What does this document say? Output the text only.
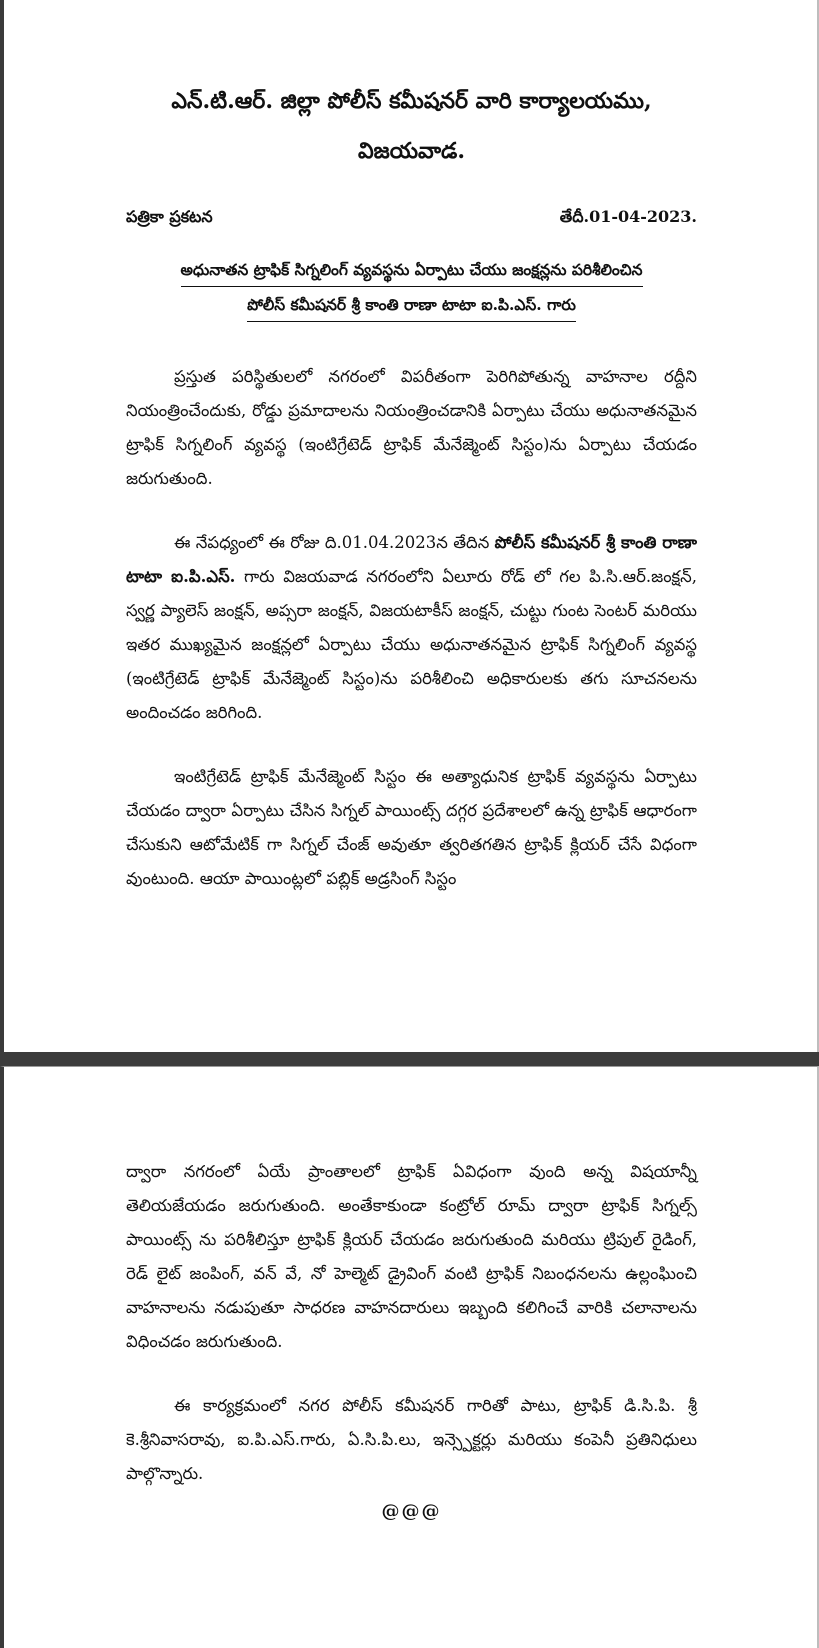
ఎన్.టి.ఆర్. జిల్లా పోలీస్ కమీషనర్ వారి కార్యాలయము,
విజయవాడ.
పత్రికా ప్రకటన	తేదీ.01-04-2023.
అధునాతన ట్రాఫిక్ సిగ్నలింగ్ వ్యవస్థను ఏర్పాటు చేయు జంక్షన్లను పరిశీలించిన
పోలీస్ కమీషనర్ శ్రీ కాంతి రాణా టాటా ఐ.పి.ఎస్. గారు

ప్రస్తుత పరిస్థితులలో నగరంలో విపరీతంగా పెరిగిపోతున్న వాహనాల రద్దీని నియంత్రించేందుకు, రోడ్డు ప్రమాదాలను నియంత్రించడానికి ఏర్పాటు చేయు అధునాతనమైన ట్రాఫిక్ సిగ్నలింగ్ వ్యవస్థ (ఇంటిగ్రేటెడ్ ట్రాఫిక్ మేనేజ్మెంట్ సిస్టం)ను ఏర్పాటు చేయడం జరుగుతుంది.

ఈ నేపధ్యంలో ఈ రోజు ది.01.04.2023న తేదిన పోలీస్ కమీషనర్ శ్రీ కాంతి రాణా టాటా ఐ.పి.ఎస్. గారు విజయవాడ నగరంలోని ఏలూరు రోడ్ లో గల పి.సి.ఆర్.జంక్షన్, స్వర్ణ ప్యాలెస్ జంక్షన్, అప్సరా జంక్షన్, విజయటాకీస్ జంక్షన్, చుట్టు గుంట సెంటర్ మరియు ఇతర ముఖ్యమైన జంక్షన్లలో ఏర్పాటు చేయు అధునాతనమైన ట్రాఫిక్ సిగ్నలింగ్ వ్యవస్థ (ఇంటిగ్రేటెడ్ ట్రాఫిక్ మేనేజ్మెంట్ సిస్టం)ను పరిశీలించి అధికారులకు తగు సూచనలను అందించడం జరిగింది.

ఇంటిగ్రేటెడ్ ట్రాఫిక్ మేనేజ్మెంట్ సిస్టం ఈ అత్యాధునిక ట్రాఫిక్ వ్యవస్థను ఏర్పాటు చేయడం ద్వారా ఏర్పాటు చేసిన సిగ్నల్ పాయింట్స్ దగ్గర ప్రదేశాలలో ఉన్న ట్రాఫిక్ ఆధారంగా చేసుకుని ఆటోమేటిక్ గా సిగ్నల్ చేంజ్ అవుతూ త్వరితగతిన ట్రాఫిక్ క్లియర్ చేసే విధంగా వుంటుంది. ఆయా పాయింట్లలో పబ్లిక్ అడ్రసింగ్ సిస్టం

ద్వారా నగరంలో ఏయే ప్రాంతాలలో ట్రాఫిక్ ఏవిధంగా వుంది అన్న విషయాన్నీ తెలియజేయడం జరుగుతుంది. అంతేకాకుండా కంట్రోల్ రూమ్ ద్వారా ట్రాఫిక్ సిగ్నల్స్ పాయింట్స్ ను పరిశీలిస్తూ ట్రాఫిక్ క్లియర్ చేయడం జరుగుతుంది మరియు ట్రిపుల్ రైడింగ్, రెడ్ లైట్ జంపింగ్, వన్ వే, నో హెల్మెట్ డ్రైవింగ్ వంటి ట్రాఫిక్ నిబంధనలను ఉల్లంఘించి వాహనాలను నడుపుతూ సాధరణ వాహనదారులు ఇబ్బంది కలిగించే వారికి చలానాలను విధించడం జరుగుతుంది.

ఈ కార్యక్రమంలో నగర పోలీస్ కమీషనర్ గారితో పాటు, ట్రాఫిక్ డి.సి.పి. శ్రీ కె.శ్రీనివాసరావు, ఐ.పి.ఎస్.గారు, ఏ.సి.పి.లు, ఇన్స్పెక్టర్లు మరియు కంపెనీ ప్రతినిధులు పాల్గొన్నారు.

@@@
